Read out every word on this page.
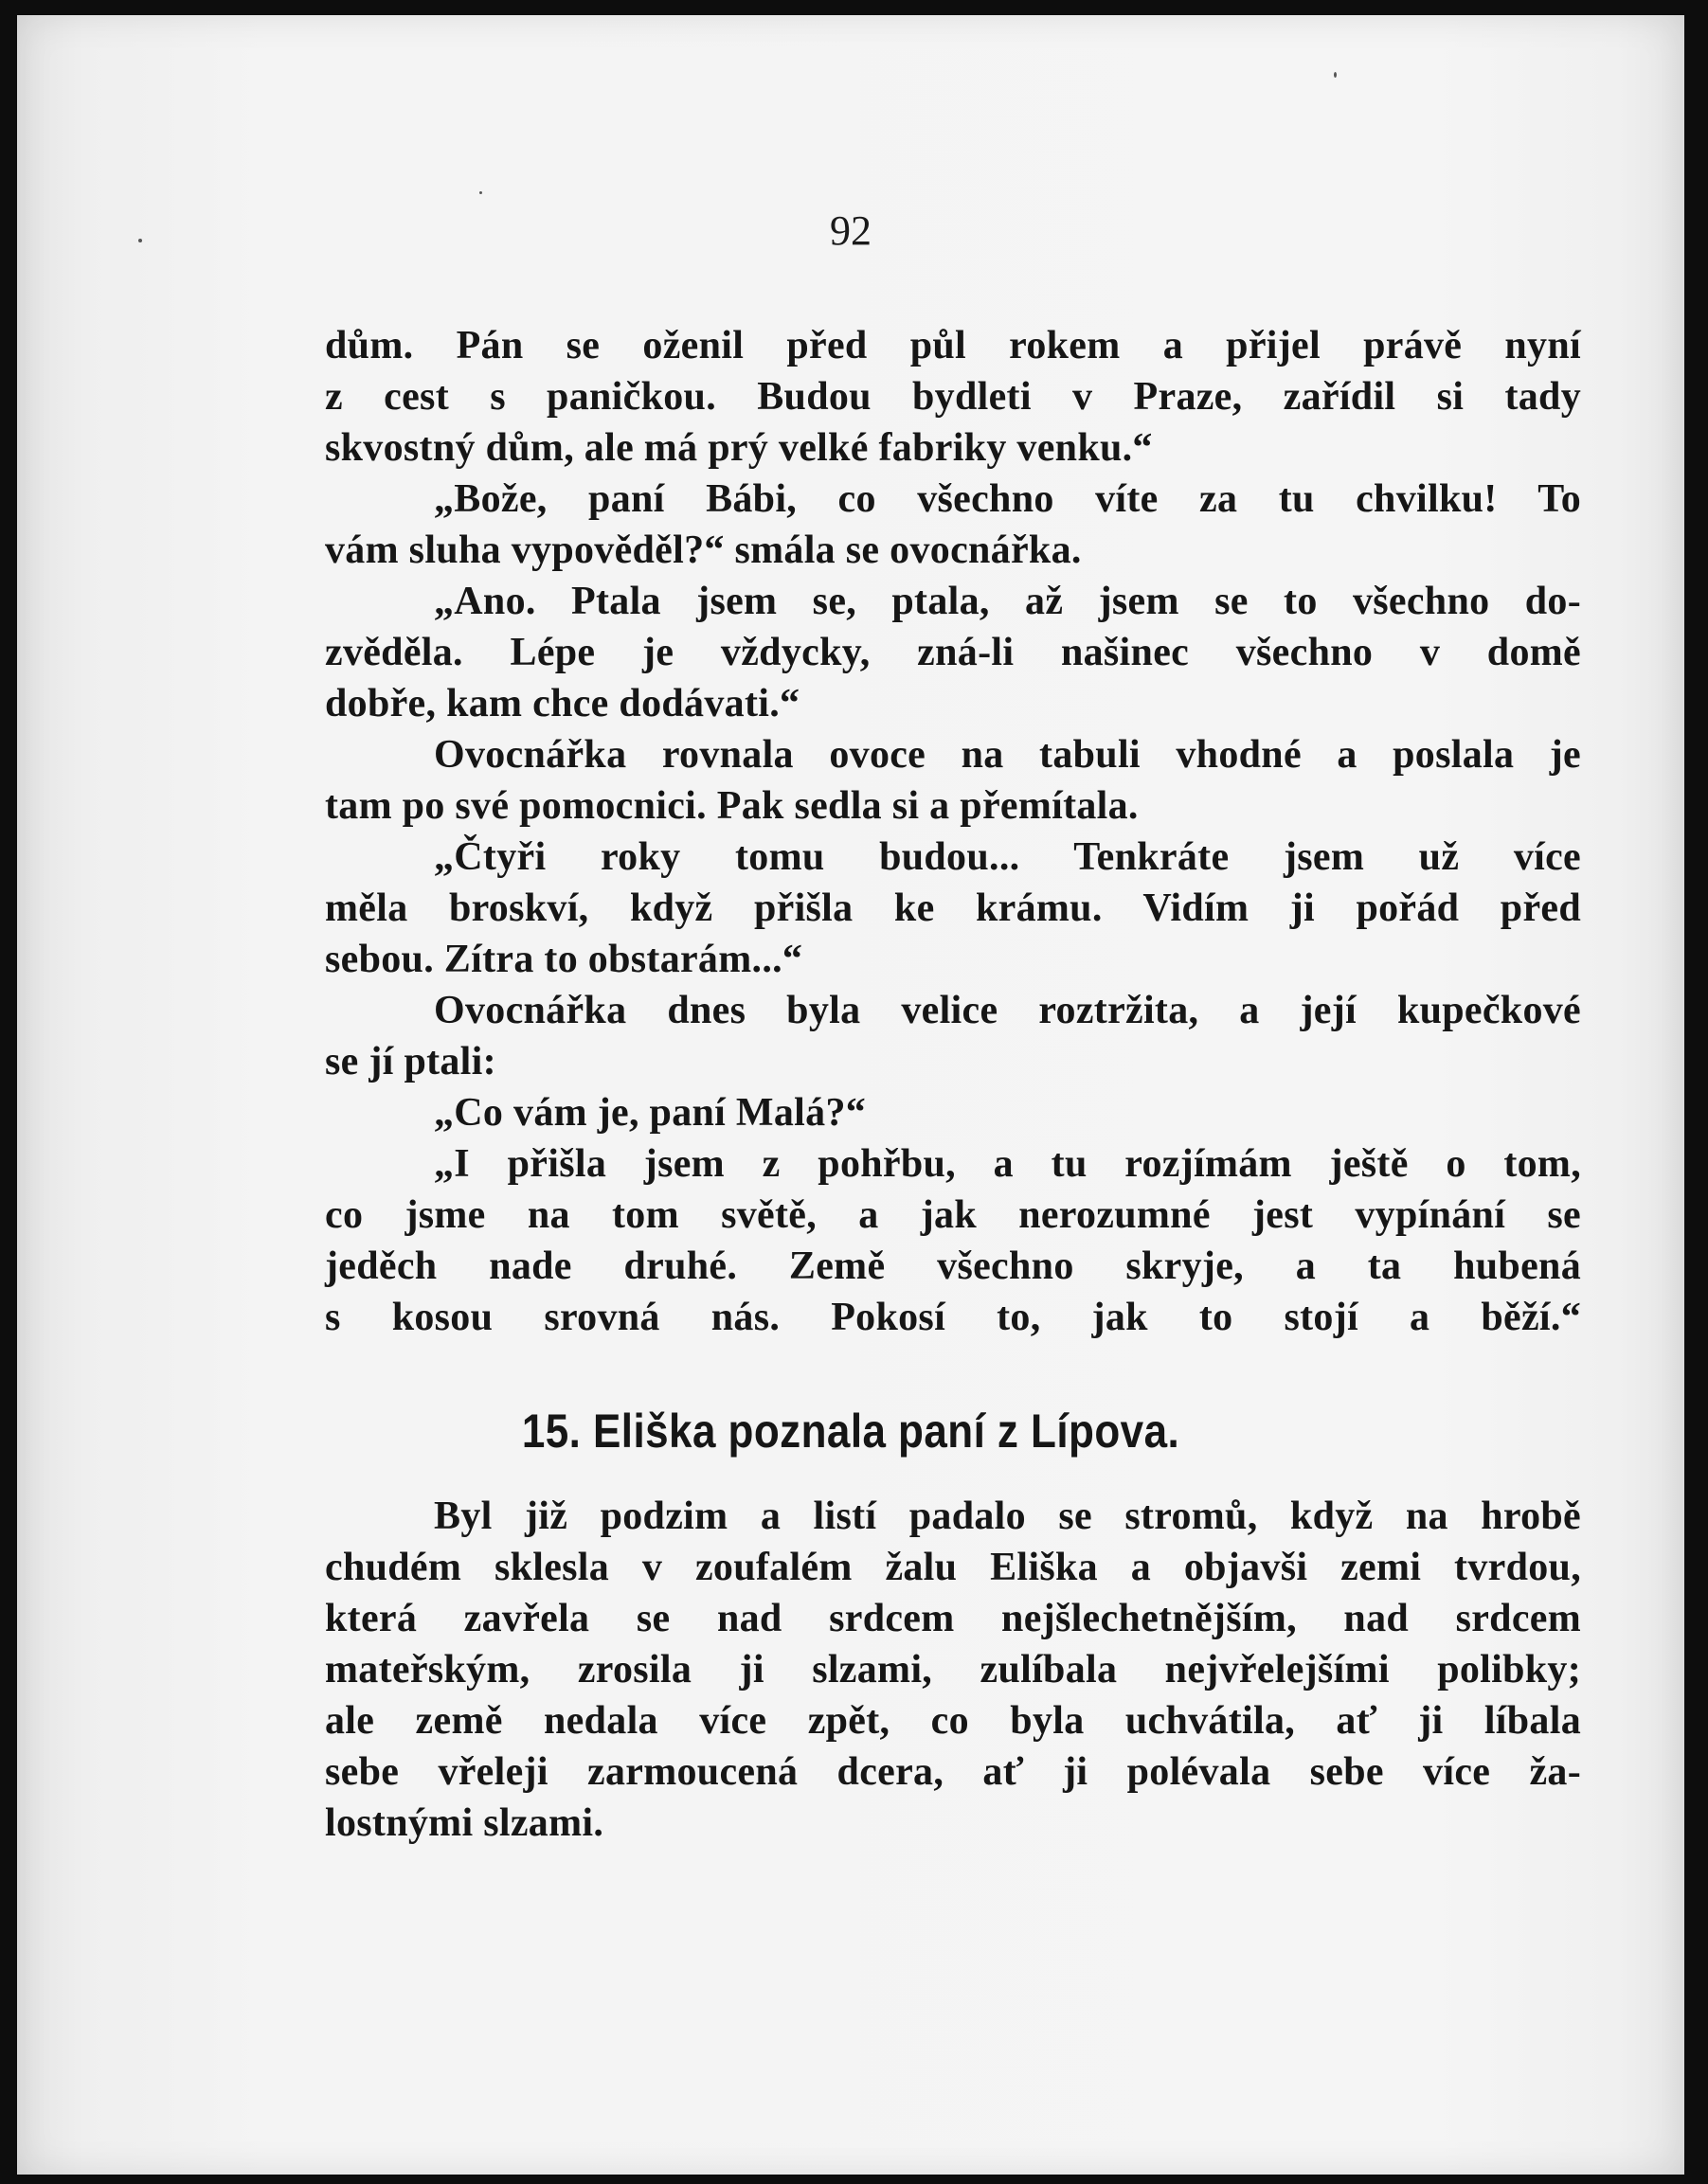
92
dům. Pán se oženil před půl rokem a přijel právě nyní
z cest s paničkou. Budou bydleti v Praze, zařídil si tady
skvostný dům, ale má prý velké fabriky venku.“
„Bože, paní Bábi, co všechno víte za tu chvilku! To
vám sluha vypověděl?“ smála se ovocnářka.
„Ano. Ptala jsem se, ptala, až jsem se to všechno do-
zvěděla. Lépe je vždycky, zná-li našinec všechno v domě
dobře, kam chce dodávati.“
Ovocnářka rovnala ovoce na tabuli vhodné a poslala je
tam po své pomocnici. Pak sedla si a přemítala.
„Čtyři roky tomu budou... Tenkráte jsem už více
měla broskví, když přišla ke krámu. Vidím ji pořád před
sebou. Zítra to obstarám...“
Ovocnářka dnes byla velice roztržita, a její kupečkové
se jí ptali:
„Co vám je, paní Malá?“
„I přišla jsem z pohřbu, a tu rozjímám ještě o tom,
co jsme na tom světě, a jak nerozumné jest vypínání se
jeděch nade druhé. Země všechno skryje, a ta hubená
s kosou srovná nás. Pokosí to, jak to stojí a běží.“
15. Eliška poznala paní z Lípova.
Byl již podzim a listí padalo se stromů, když na hrobě
chudém sklesla v zoufalém žalu Eliška a objavši zemi tvrdou,
která zavřela se nad srdcem nejšlechetnějším, nad srdcem
mateřským, zrosila ji slzami, zulíbala nejvřelejšími polibky;
ale země nedala více zpět, co byla uchvátila, ať ji líbala
sebe vřeleji zarmoucená dcera, ať ji polévala sebe více ža-
lostnými slzami.
